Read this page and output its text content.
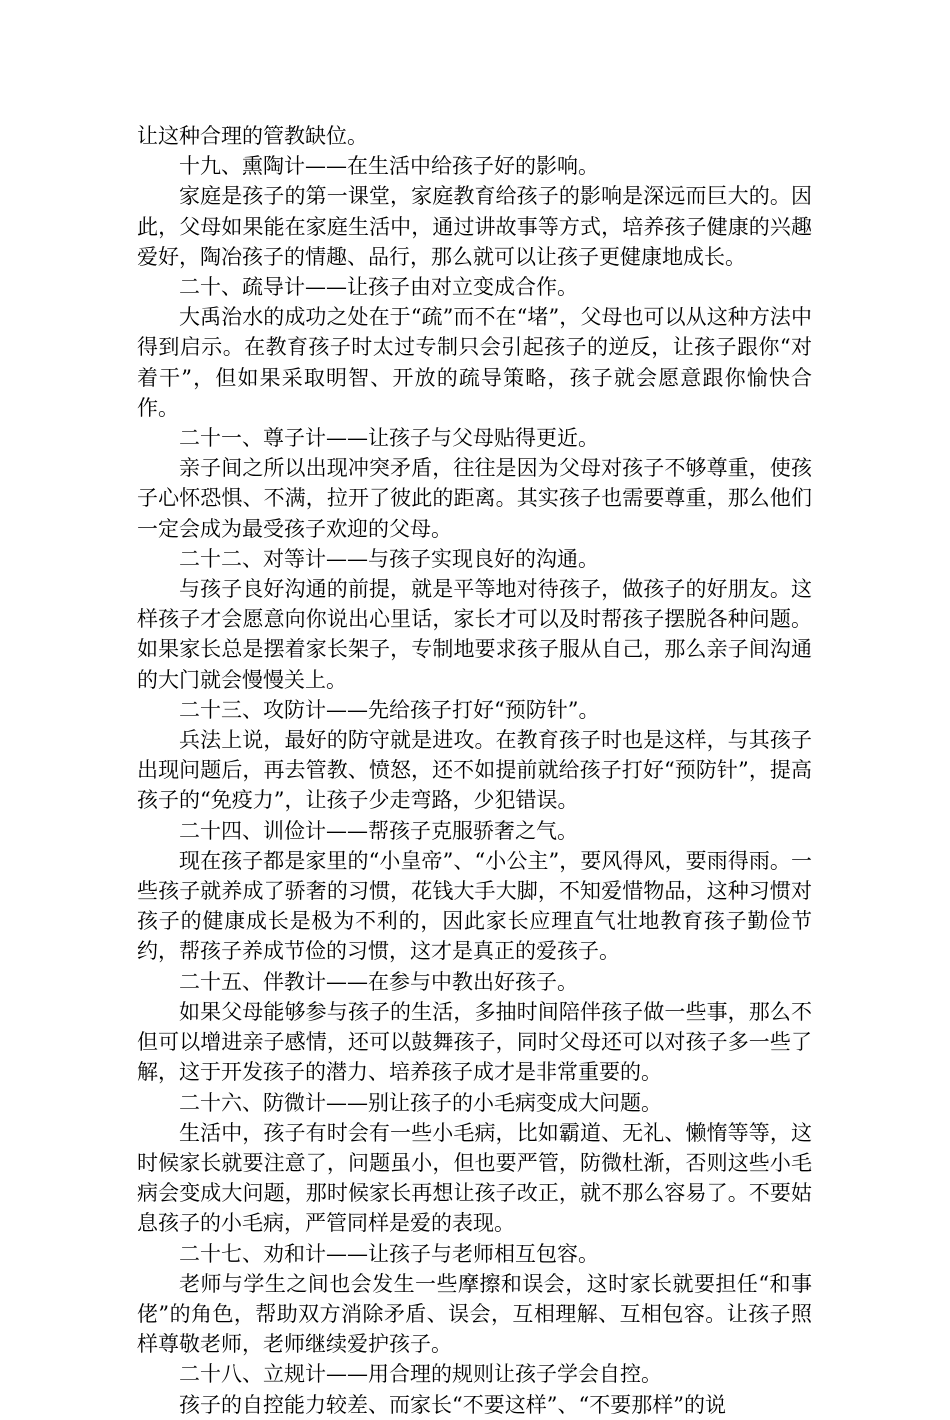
让这种合理的管教缺位。

十九、熏陶计——在生活中给孩子好的影响。

家庭是孩子的第一课堂，家庭教育给孩子的影响是深远而巨大的。因此，父母如果能在家庭生活中，通过讲故事等方式，培养孩子健康的兴趣爱好，陶冶孩子的情趣、品行，那么就可以让孩子更健康地成长。

二十、疏导计——让孩子由对立变成合作。

大禹治水的成功之处在于“疏”而不在“堵”，父母也可以从这种方法中得到启示。在教育孩子时太过专制只会引起孩子的逆反，让孩子跟你“对着干”，但如果采取明智、开放的疏导策略，孩子就会愿意跟你愉快合作。

二十一、尊子计——让孩子与父母贴得更近。

亲子间之所以出现冲突矛盾，往往是因为父母对孩子不够尊重，使孩子心怀恐惧、不满，拉开了彼此的距离。其实孩子也需要尊重，那么他们一定会成为最受孩子欢迎的父母。

二十二、对等计——与孩子实现良好的沟通。

与孩子良好沟通的前提，就是平等地对待孩子，做孩子的好朋友。这样孩子才会愿意向你说出心里话，家长才可以及时帮孩子摆脱各种问题。如果家长总是摆着家长架子，专制地要求孩子服从自己，那么亲子间沟通的大门就会慢慢关上。

二十三、攻防计——先给孩子打好“预防针”。

兵法上说，最好的防守就是进攻。在教育孩子时也是这样，与其孩子出现问题后，再去管教、愤怒，还不如提前就给孩子打好“预防针”，提高孩子的“免疫力”，让孩子少走弯路，少犯错误。

二十四、训俭计——帮孩子克服骄奢之气。

现在孩子都是家里的“小皇帝”、“小公主”，要风得风，要雨得雨。一些孩子就养成了骄奢的习惯，花钱大手大脚，不知爱惜物品，这种习惯对孩子的健康成长是极为不利的，因此家长应理直气壮地教育孩子勤俭节约，帮孩子养成节俭的习惯，这才是真正的爱孩子。

二十五、伴教计——在参与中教出好孩子。

如果父母能够参与孩子的生活，多抽时间陪伴孩子做一些事，那么不但可以增进亲子感情，还可以鼓舞孩子，同时父母还可以对孩子多一些了解，这于开发孩子的潜力、培养孩子成才是非常重要的。

二十六、防微计——别让孩子的小毛病变成大问题。

生活中，孩子有时会有一些小毛病，比如霸道、无礼、懒惰等等，这时候家长就要注意了，问题虽小，但也要严管，防微杜渐，否则这些小毛病会变成大问题，那时候家长再想让孩子改正，就不那么容易了。不要姑息孩子的小毛病，严管同样是爱的表现。

二十七、劝和计——让孩子与老师相互包容。

老师与学生之间也会发生一些摩擦和误会，这时家长就要担任“和事佬”的角色，帮助双方消除矛盾、误会，互相理解、互相包容。让孩子照样尊敬老师，老师继续爱护孩子。

二十八、立规计——用合理的规则让孩子学会自控。

孩子的自控能力较差、而家长“不要这样”、“不要那样”的说
